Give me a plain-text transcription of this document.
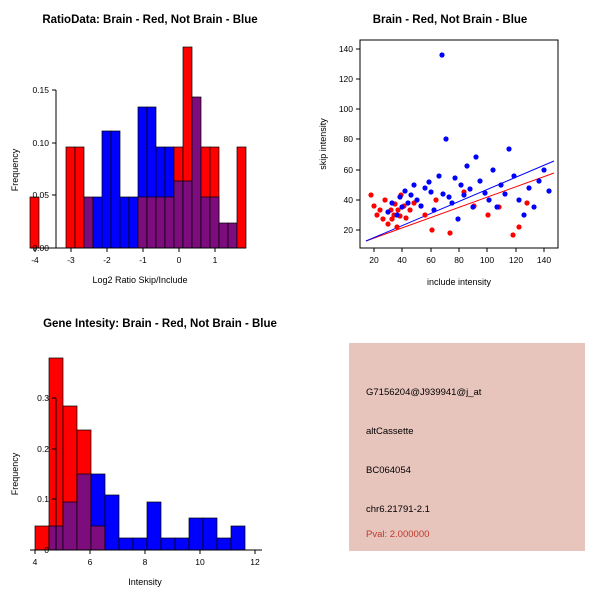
RatioData: Brain - Red, Not Brain - Blue
-4	-3	-2	-1	0	1
0.00
0.05
0.10
0.15
Log2 Ratio Skip/Include
Frequency
Brain - Red, Not Brain - Blue
20 40 60 80 100 120 140
20
40
60
80
100
120
140
include intensity
skip intensity
Gene Intesity: Brain - Red, Not Brain - Blue
4	6	8	10	12
0
0.1
0.2
0.3
Intensity
Frequency
G7156204@J939941@j_at
altCassette
BC064054
chr6.21791-2.1
Pval: 2.000000
